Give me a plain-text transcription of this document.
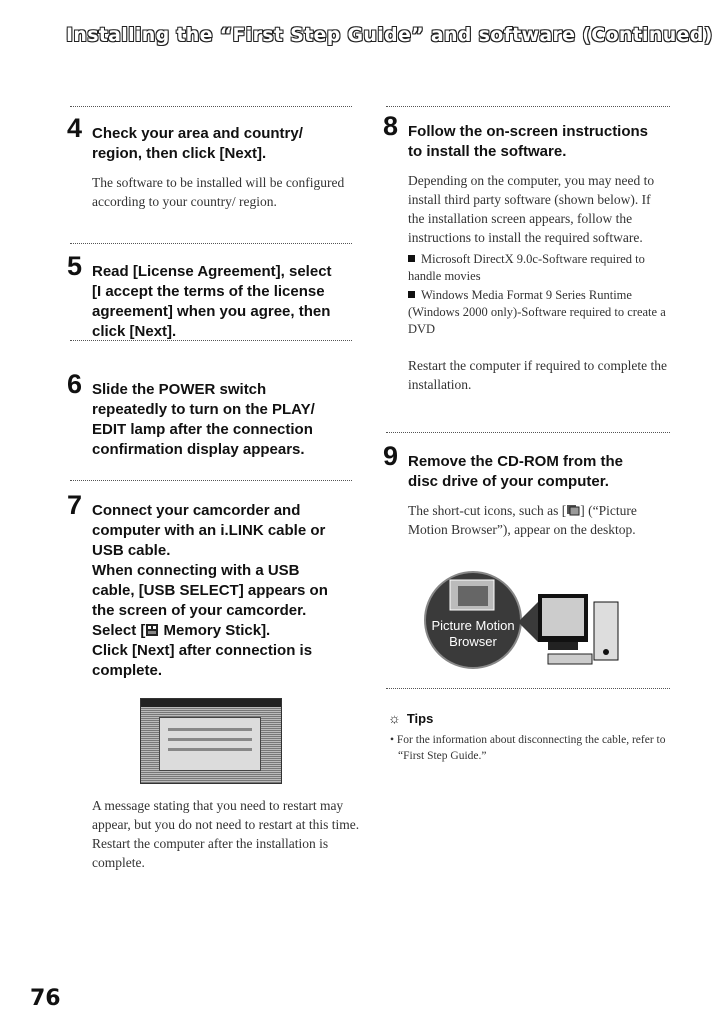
Installing the “First Step Guide” and software (Continued)
4 Check your area and country/
region, then click [Next].
The software to be installed will be configured according to your country/ region.
5 Read [License Agreement], select
[I accept the terms of the license
agreement] when you agree, then
click [Next].
6 Slide the POWER switch
repeatedly to turn on the PLAY/
EDIT lamp after the connection
confirmation display appears.
7 Connect your camcorder and
computer with an i.LINK cable or
USB cable.
When connecting with a USB
cable, [USB SELECT] appears on
the screen of your camcorder.
Select [ Memory Stick].
Click [Next] after connection is
complete.
A message stating that you need to restart may appear, but you do not need to restart at this time. Restart the computer after the installation is complete.
8 Follow the on-screen instructions
to install the software.
Depending on the computer, you may need to install third party software (shown below). If the installation screen appears, follow the instructions to install the required software.
Microsoft DirectX 9.0c-Software required to handle movies
Windows Media Format 9 Series Runtime (Windows 2000 only)-Software required to create a DVD
Restart the computer if required to complete the installation.
9 Remove the CD-ROM from the
disc drive of your computer.
The short-cut icons, such as [ ] (“Picture Motion Browser”), appear on the desktop.
Picture Motion
Browser
☼ Tips
• For the information about disconnecting the cable, refer to “First Step Guide.”
76
